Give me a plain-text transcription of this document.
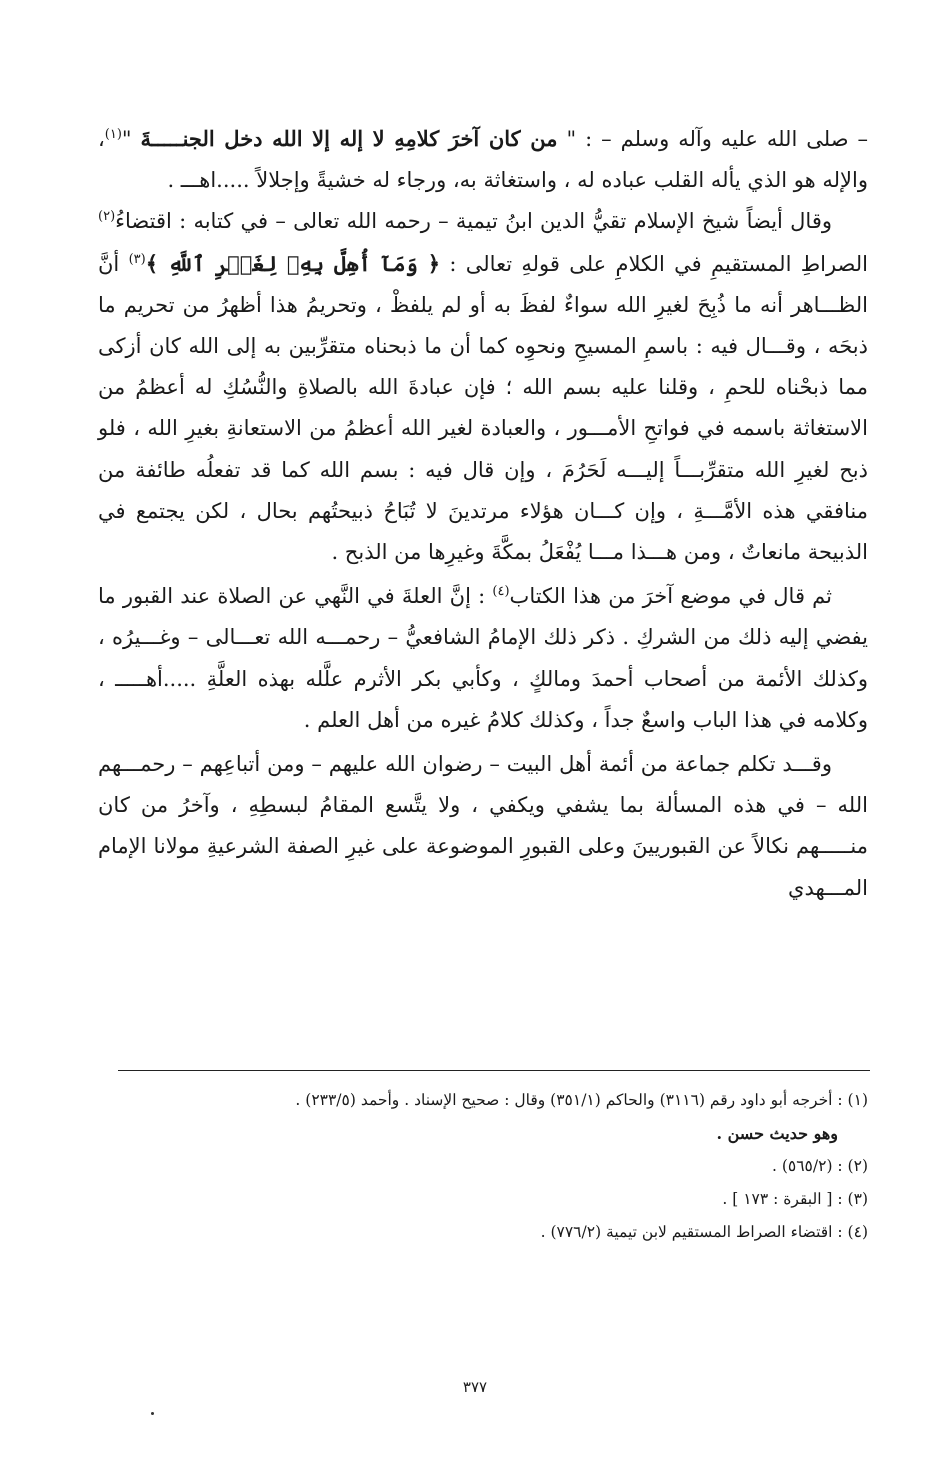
– صلى الله عليه وآله وسلم – : " من كان آخرَ كلامِهِ لا إله إلا الله دخل الجنـــــةَ "$^{(١)}$، والإله هو الذي يأله القلب عباده له ، واستغاثة به، ورجاء له خشيةً وإجلالاً .....اهـــ .

وقال أيضاً شيخ الإسلام تقيُّ الدين ابنُ تيمية – رحمه الله تعالى – في كتابه : اقتضاءُ$^{(٢)}$ الصراطِ المستقيمِ في الكلامِ على قولهِ تعالى : ﴿ وَمَآ أُهِلَّ بِهِۦ لِغَيۡرِ ٱللَّهِ ﴾$^{(٣)}$ أنَّ الظـــاهر أنه ما ذُبِحَ لغيرِ الله سواءٌ لفظَ به أو لم يلفظْ ، وتحريمُ هذا أظهرُ من تحريم ما ذبحَه ، وقـــال فيه : باسمِ المسيحِ ونحوِه كما أن ما ذبحناه متقرِّبين به إلى الله كان أزكى مما ذبحْناه للحمِ ، وقلنا عليه بسم الله ؛ فإن عبادةَ الله بالصلاةِ والنُّسُكِ له أعظمُ من الاستغاثة باسمه في فواتحِ الأمـــور ، والعبادة لغير الله أعظمُ من الاستعانةِ بغيرِ الله ، فلو ذبح لغيرِ الله متقرِّبـــاً إليـــه لَحَرُمَ ، وإن قال فيه : بسم الله كما قد تفعلُه طائفة من منافقي هذه الأمَّـــةِ ، وإن كـــان هؤلاء مرتدينَ لا تُبَاحُ ذبيحتُهم بحال ، لكن يجتمع في الذبيحة مانعاتٌ ، ومن هـــذا مـــا يُفْعَلُ بمكَّةَ وغيرِها من الذبح .

ثم قال في موضع آخرَ من هذا الكتاب$^{(٤)}$ : إنَّ العلةَ في النَّهي عن الصلاة عند القبور ما يفضي إليه ذلك من الشركِ . ذكر ذلك الإمامُ الشافعيُّ – رحمـــه الله تعـــالى – وغـــيرُه ، وكذلك الأئمة من أصحاب أحمدَ ومالكٍ ، وكأبي بكر الأثرم علَّله بهذه العلَّةِ .....أهـــــ ، وكلامه في هذا الباب واسعٌ جداً ، وكذلك كلامُ غيره من أهل العلم .

وقـــد تكلم جماعة من أئمة أهل البيت – رضوان الله عليهم – ومن أتباعِهم – رحمـــهم الله – في هذه المسألة بما يشفي ويكفي ، ولا يتَّسع المقامُ لبسطِهِ ، وآخرُ من كان منـــــهم نكالاً عن القبوريينَ وعلى القبورِ الموضوعة على غيرِ الصفة الشرعيةِ مولانا الإمام المـــهدي

(١) : أخرجه أبو داود رقم (٣١١٦) والحاكم (٣٥١/١) وقال : صحيح الإسناد . وأحمد (٢٣٣/٥) .

وهو حديث حسن .

(٢) : (٥٦٥/٢) .

(٣) : [ البقرة : ١٧٣ ] .

(٤) : اقتضاء الصراط المستقيم لابن تيمية (٧٧٦/٢) .

٣٧٧
